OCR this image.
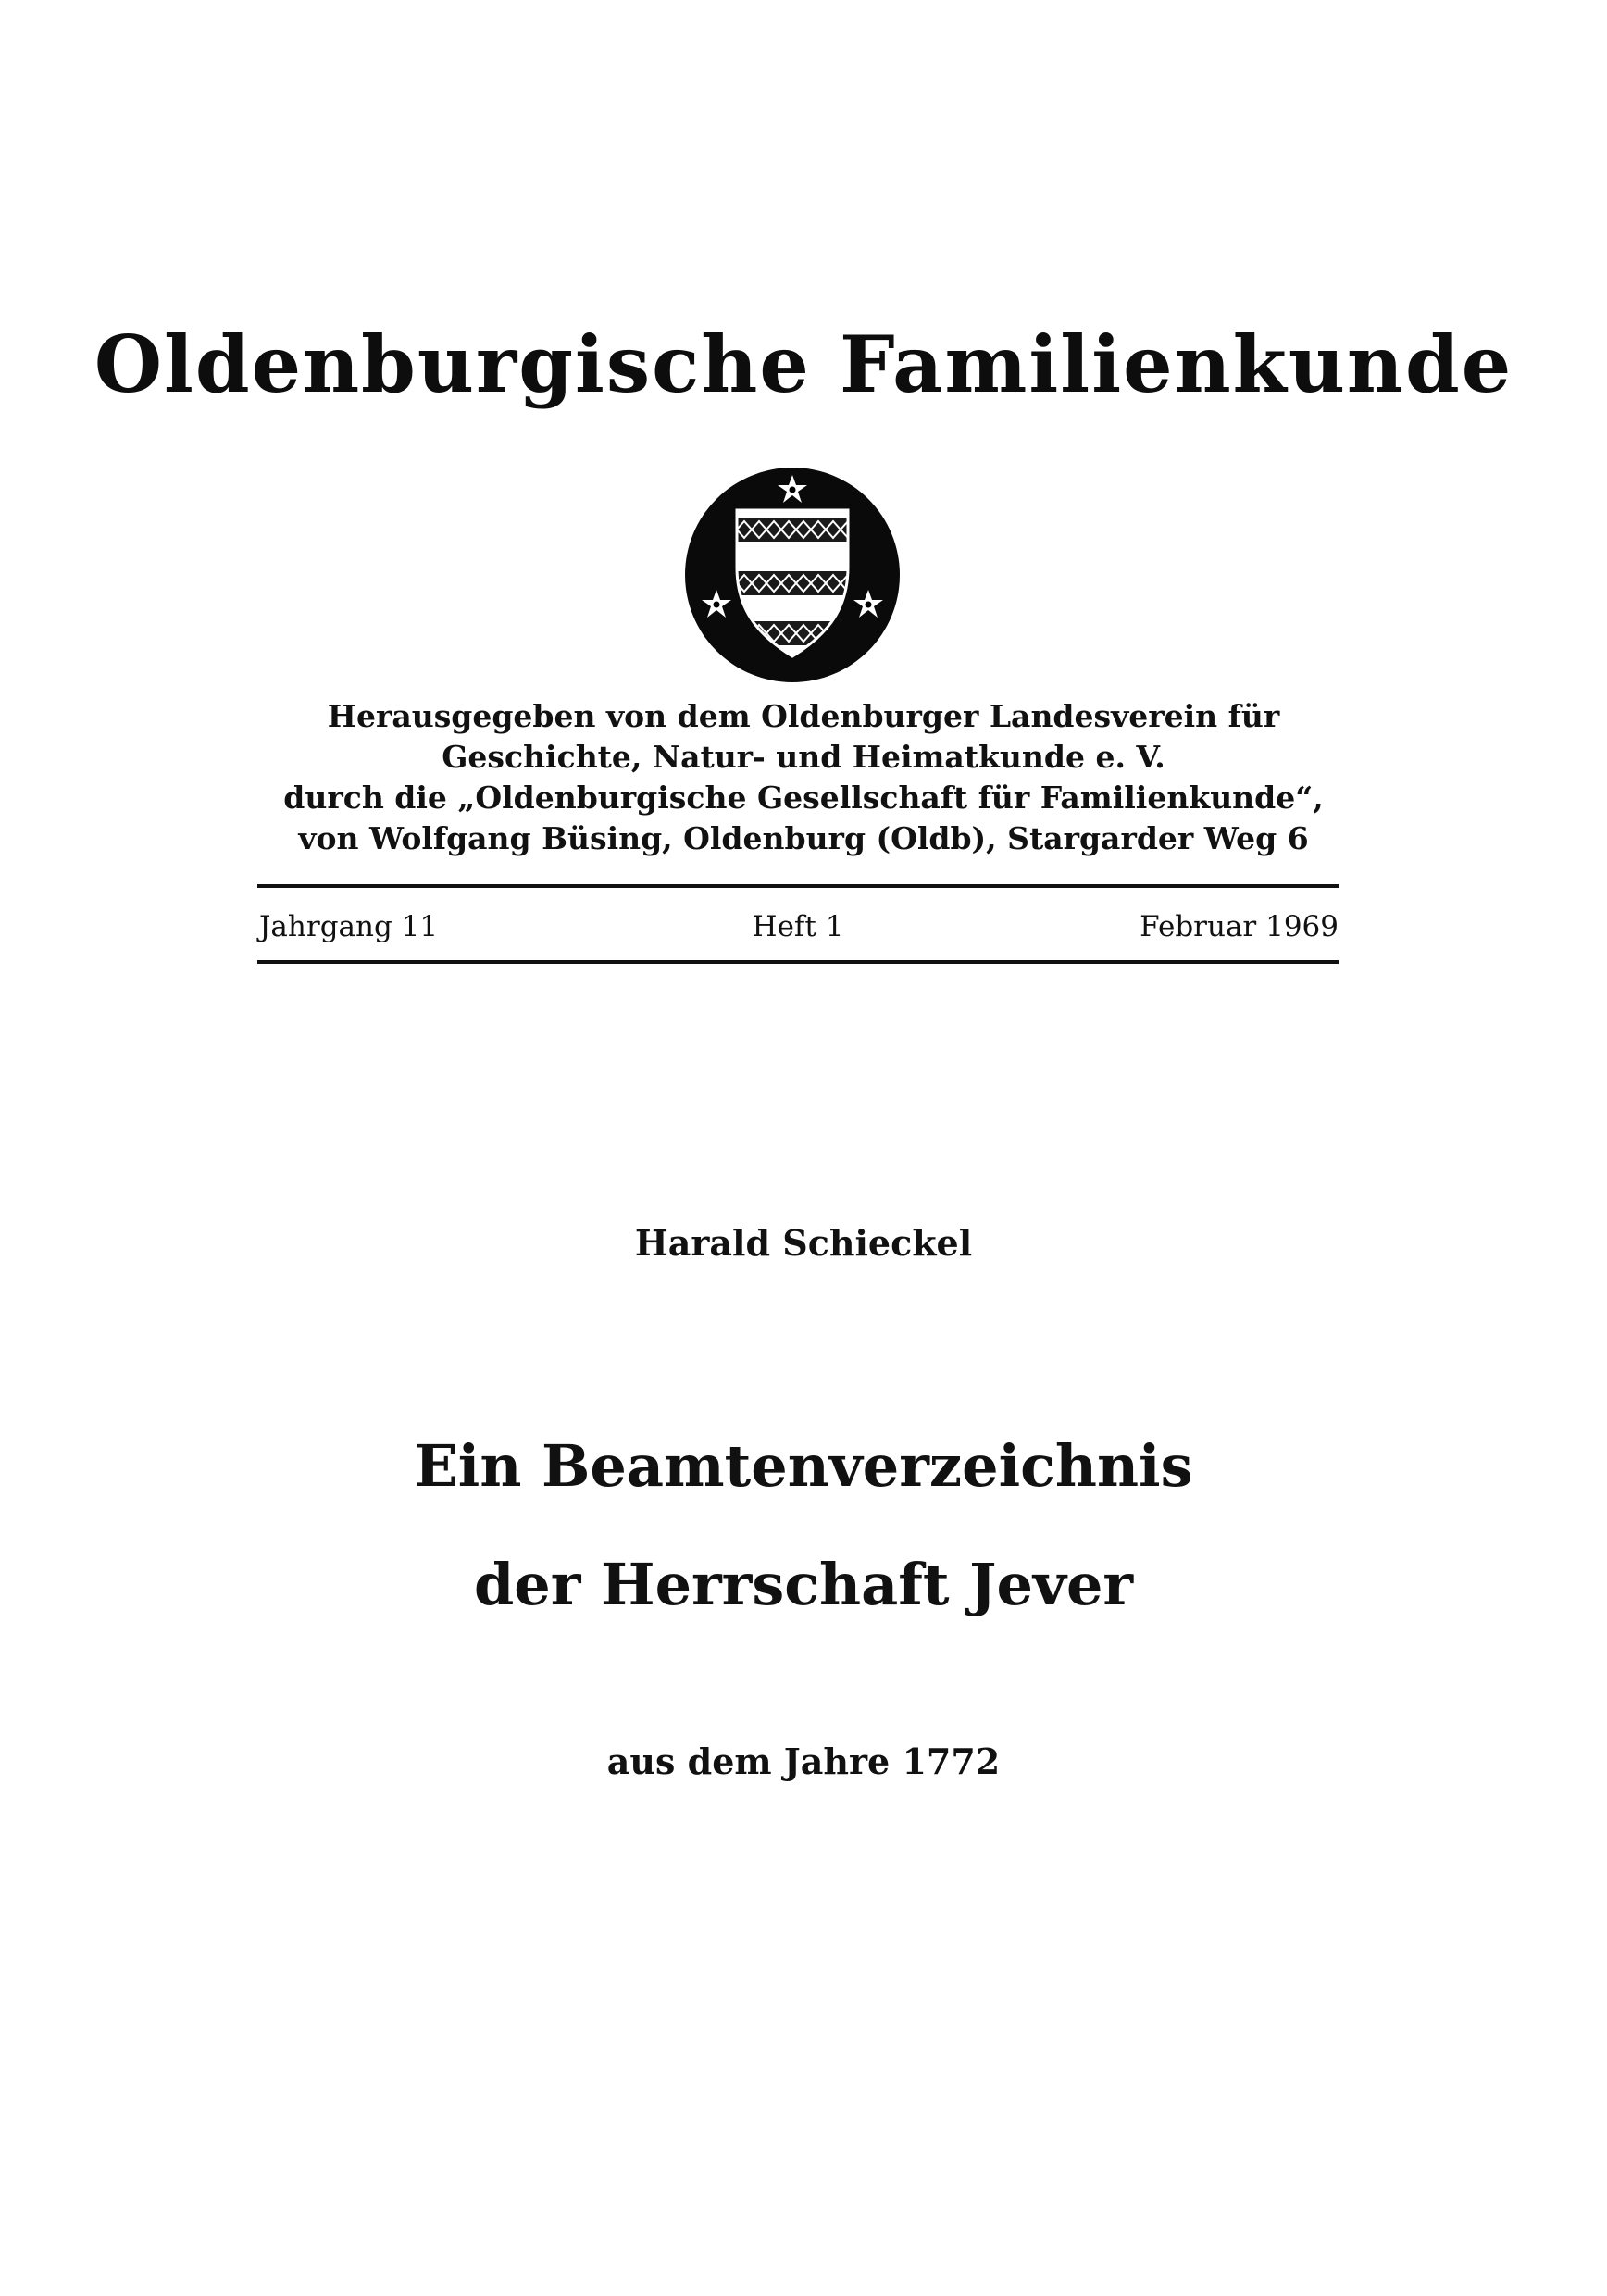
Oldenburgische Familienkunde
Herausgegeben von dem Oldenburger Landesverein für
Geschichte, Natur- und Heimatkunde e. V.
durch die „Oldenburgische Gesellschaft für Familienkunde“,
von Wolfgang Büsing, Oldenburg (Oldb), Stargarder Weg 6
Jahrgang 11	Heft 1	Februar 1969
Harald Schieckel
Ein Beamtenverzeichnis
der Herrschaft Jever
aus dem Jahre 1772
